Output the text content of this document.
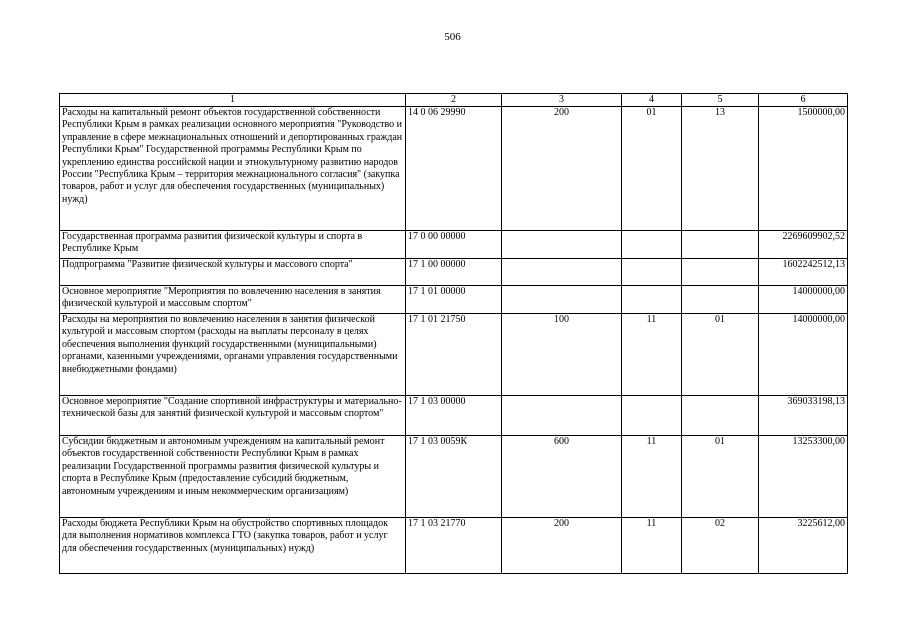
506
1	2	3	4	5	6
Расходы на капитальный ремонт объектов государственной собственности Республики Крым в рамках реализации основного мероприятия "Руководство и управление в сфере межнациональных отношений и депортированных граждан Республики Крым" Государственной программы Республики Крым по укреплению единства российской нации и этнокультурному развитию народов России "Республика Крым – территория межнационального согласия" (закупка товаров, работ и услуг для обеспечения государственных (муниципальных) нужд)	14 0 06 29990	200	01	13	1500000,00
Государственная программа развития физической культуры и спорта в Республике Крым	17 0 00 00000				2269609902,52
Подпрограмма "Развитие физической культуры и массового спорта"	17 1 00 00000				1602242512,13
Основное мероприятие "Мероприятия по вовлечению населения в занятия физической культурой и массовым спортом"	17 1 01 00000				14000000,00
Расходы на мероприятия по вовлечению населения в занятия физической культурой и массовым спортом (расходы на выплаты персоналу в целях обеспечения выполнения функций государственными (муниципальными) органами, казенными учреждениями, органами управления государственными внебюджетными фондами)	17 1 01 21750	100	11	01	14000000,00
Основное мероприятие "Создание спортивной инфраструктуры и материально-технической базы для занятий физической культурой и массовым спортом"	17 1 03 00000				369033198,13
Субсидии бюджетным и автономным учреждениям на капитальный ремонт объектов государственной собственности Республики Крым в рамках реализации Государственной программы развития физической культуры и спорта в Республике Крым (предоставление субсидий бюджетным, автономным учреждениям и иным некоммерческим организациям)	17 1 03 0059К	600	11	01	13253300,00
Расходы бюджета Республики Крым на обустройство спортивных площадок для выполнения нормативов комплекса ГТО (закупка товаров, работ и услуг для обеспечения государственных (муниципальных) нужд)	17 1 03 21770	200	11	02	3225612,00
